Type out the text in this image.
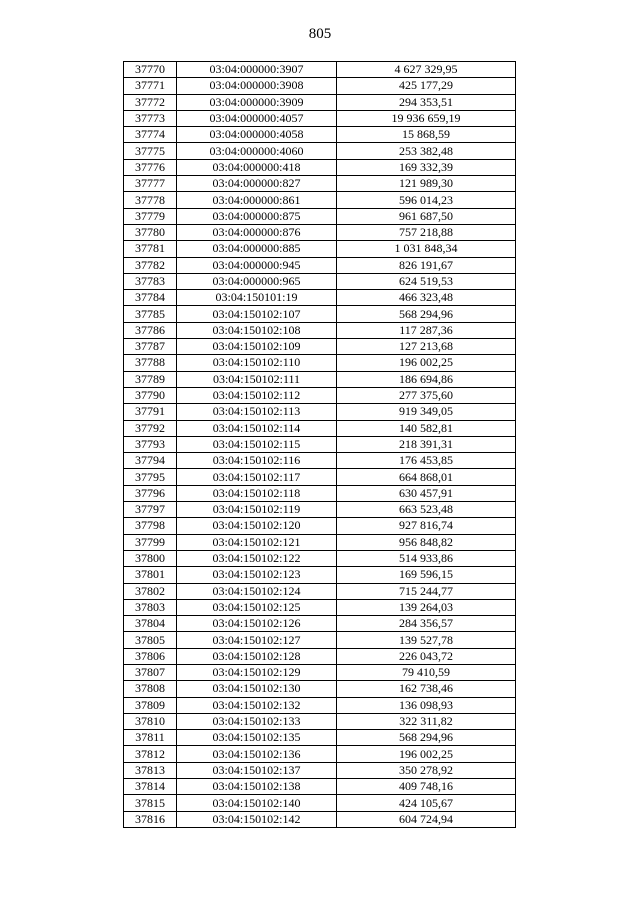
805
37770	03:04:000000:3907	4 627 329,95
37771	03:04:000000:3908	425 177,29
37772	03:04:000000:3909	294 353,51
37773	03:04:000000:4057	19 936 659,19
37774	03:04:000000:4058	15 868,59
37775	03:04:000000:4060	253 382,48
37776	03:04:000000:418	169 332,39
37777	03:04:000000:827	121 989,30
37778	03:04:000000:861	596 014,23
37779	03:04:000000:875	961 687,50
37780	03:04:000000:876	757 218,88
37781	03:04:000000:885	1 031 848,34
37782	03:04:000000:945	826 191,67
37783	03:04:000000:965	624 519,53
37784	03:04:150101:19	466 323,48
37785	03:04:150102:107	568 294,96
37786	03:04:150102:108	117 287,36
37787	03:04:150102:109	127 213,68
37788	03:04:150102:110	196 002,25
37789	03:04:150102:111	186 694,86
37790	03:04:150102:112	277 375,60
37791	03:04:150102:113	919 349,05
37792	03:04:150102:114	140 582,81
37793	03:04:150102:115	218 391,31
37794	03:04:150102:116	176 453,85
37795	03:04:150102:117	664 868,01
37796	03:04:150102:118	630 457,91
37797	03:04:150102:119	663 523,48
37798	03:04:150102:120	927 816,74
37799	03:04:150102:121	956 848,82
37800	03:04:150102:122	514 933,86
37801	03:04:150102:123	169 596,15
37802	03:04:150102:124	715 244,77
37803	03:04:150102:125	139 264,03
37804	03:04:150102:126	284 356,57
37805	03:04:150102:127	139 527,78
37806	03:04:150102:128	226 043,72
37807	03:04:150102:129	79 410,59
37808	03:04:150102:130	162 738,46
37809	03:04:150102:132	136 098,93
37810	03:04:150102:133	322 311,82
37811	03:04:150102:135	568 294,96
37812	03:04:150102:136	196 002,25
37813	03:04:150102:137	350 278,92
37814	03:04:150102:138	409 748,16
37815	03:04:150102:140	424 105,67
37816	03:04:150102:142	604 724,94
